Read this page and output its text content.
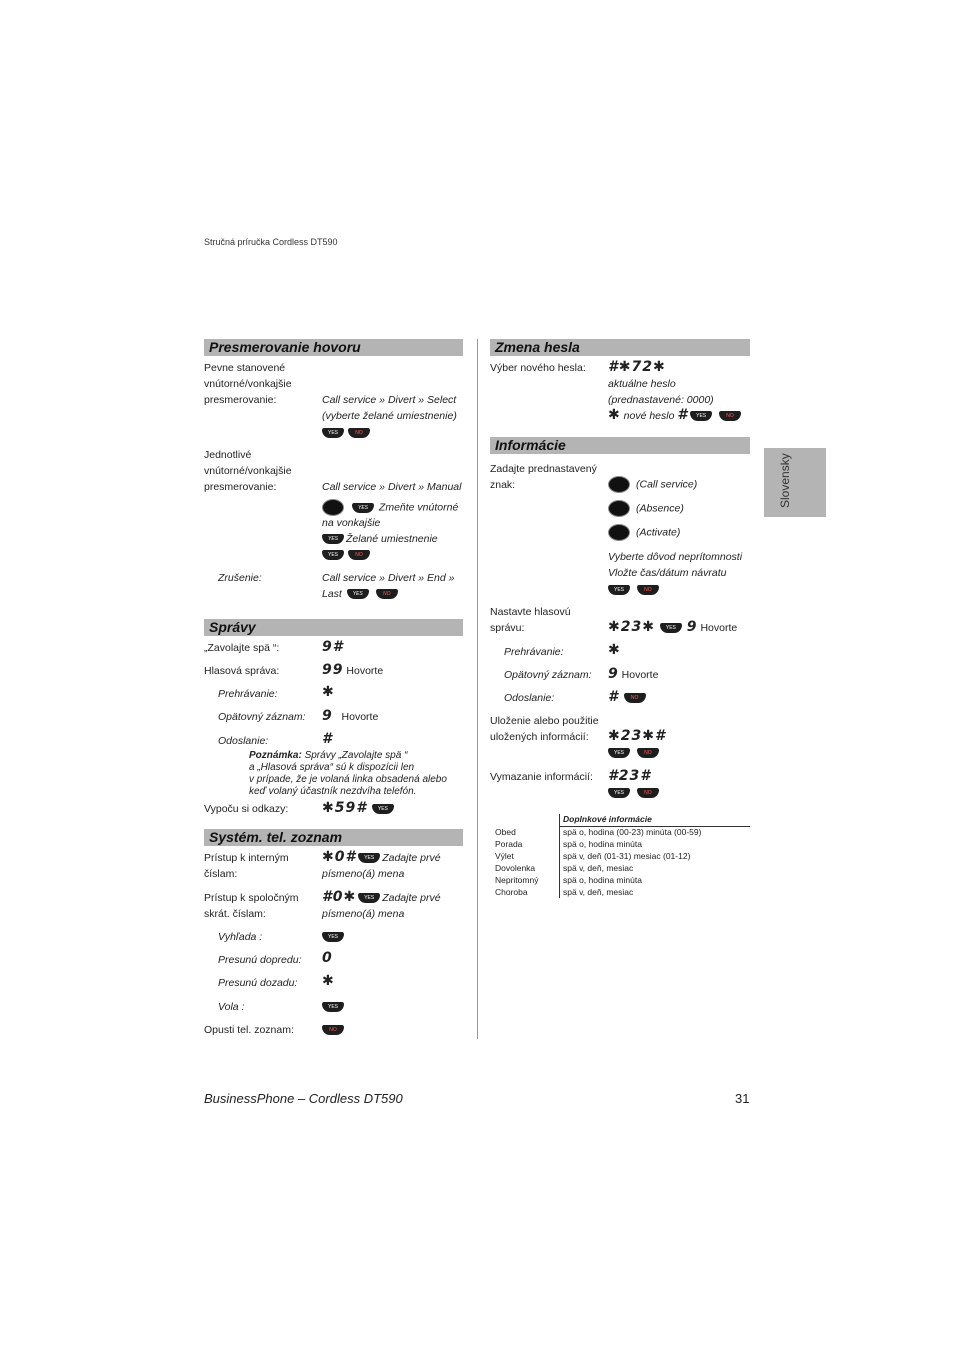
Stručná príručka Cordless DT590
Presmerovanie hovoru
Pevne stanovené
vnútorné/vonkajšie
presmerovanie:	Call service » Divert » Select
(vyberte želané umiestnenie)
YES	NO
Jednotlivé
vnútorné/vonkajšie
presmerovanie:	Call service » Divert » Manual
YES Zmeňte vnútorné
na vonkajšie
YES Želané umiestnenie
YES	NO
Zrušenie:	Call service » Divert » End »
Last YES	NO
Správy
„Zavolajte spä “:	9#
Hlasová správa:	99 Hovorte
Prehrávanie:	✱
Opätovný záznam: 9 Hovorte
Odoslanie:	#
Poznámka: Správy „Zavolajte spä “
a „Hlasová správa“ sú k dispozícii len
v prípade, že je volaná linka obsadená alebo
keď volaný účastník nezdvíha telefón.
Vypoču si odkazy: ✱59# YES
Systém. tel. zoznam
Prístup k interným
číslam:
✱0# YES Zadajte prvé
písmeno(á) mena
Prístup k spoločným
skrát. číslam:
#0✱ YES Zadajte prvé
písmeno(á) mena
Vyhľada :	YES
Presunú dopredu: 0
Presunú dozadu: ✱
Vola :	YES
Opusti tel. zoznam:	NO
Zmena hesla
Výber nového hesla: #✱72✱
aktuálne heslo
(prednastavené: 0000)
✱ nové heslo # YES	NO
Informácie
Zadajte prednastavený
znak:	(Call service)
(Absence)
(Activate)
Vyberte dôvod neprítomnosti
Vložte čas/dátum návratu
YES	NO
Nastavte hlasovú
správu:	✱23✱ YES 9 Hovorte
Prehrávanie:	✱
Opätovný záznam: 9 Hovorte
Odoslanie:	# NO
Uloženie alebo použitie
uložených informácií: ✱23✱#
YES	NO
Vymazanie informácií: #23#
YES	NO
Doplnkové informácie
Obed	spä o, hodina (00-23) minúta (00-59)
Porada	spä o, hodina minúta
Výlet	spä v, deň (01-31) mesiac (01-12)
Dovolenka	spä v, deň, mesiac
Nepritomný	spä o, hodina minúta
Choroba	spä v, deň, mesiac
Slovensky
BusinessPhone – Cordless DT590	31
